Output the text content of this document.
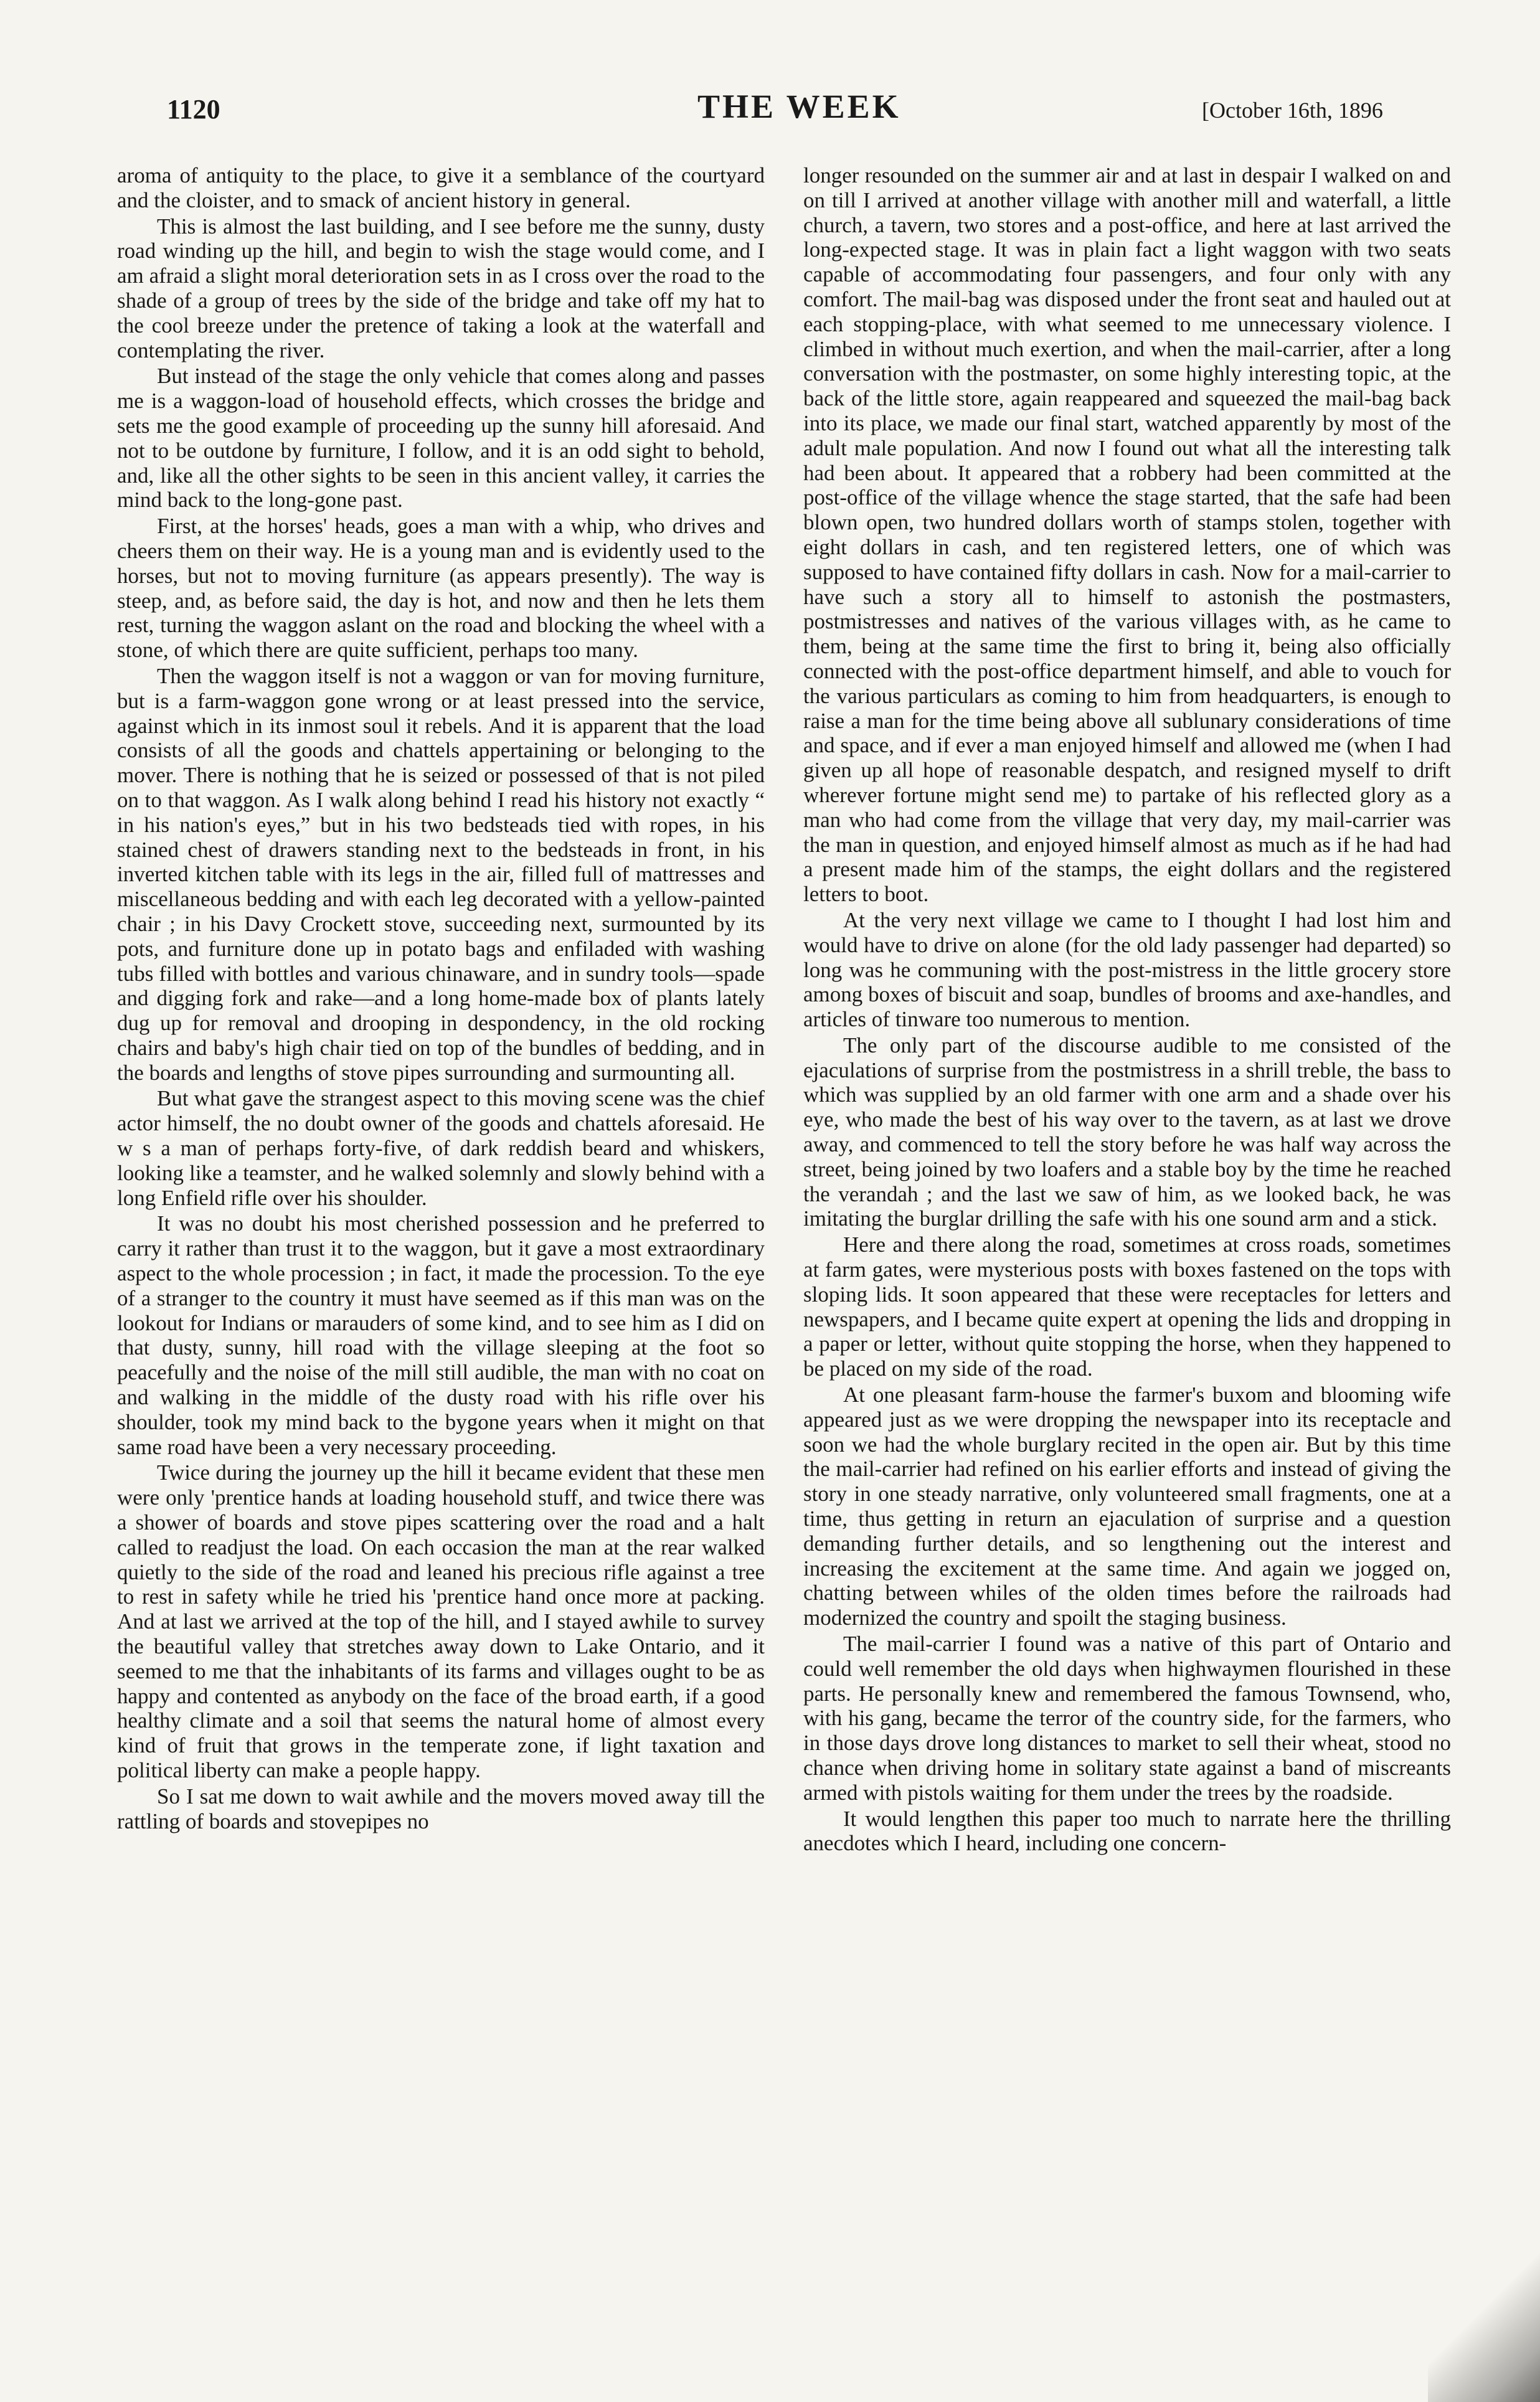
1120	THE WEEK	[October 16th, 1896

aroma of antiquity to the place, to give it a semblance of the courtyard and the cloister, and to smack of ancient history in general.

This is almost the last building, and I see before me the sunny, dusty road winding up the hill, and begin to wish the stage would come, and I am afraid a slight moral deterioration sets in as I cross over the road to the shade of a group of trees by the side of the bridge and take off my hat to the cool breeze under the pretence of taking a look at the waterfall and contemplating the river.

But instead of the stage the only vehicle that comes along and passes me is a waggon-load of household effects, which crosses the bridge and sets me the good example of proceeding up the sunny hill aforesaid. And not to be outdone by furniture, I follow, and it is an odd sight to behold, and, like all the other sights to be seen in this ancient valley, it carries the mind back to the long-gone past.

First, at the horses' heads, goes a man with a whip, who drives and cheers them on their way. He is a young man and is evidently used to the horses, but not to moving furniture (as appears presently). The way is steep, and, as before said, the day is hot, and now and then he lets them rest, turning the waggon aslant on the road and blocking the wheel with a stone, of which there are quite sufficient, perhaps too many.

Then the waggon itself is not a waggon or van for moving furniture, but is a farm-waggon gone wrong or at least pressed into the service, against which in its inmost soul it rebels. And it is apparent that the load consists of all the goods and chattels appertaining or belonging to the mover. There is nothing that he is seized or possessed of that is not piled on to that waggon. As I walk along behind I read his history not exactly “ in his nation's eyes,” but in his two bedsteads tied with ropes, in his stained chest of drawers standing next to the bedsteads in front, in his inverted kitchen table with its legs in the air, filled full of mattresses and miscellaneous bedding and with each leg decorated with a yellow-painted chair ; in his Davy Crockett stove, succeeding next, surmounted by its pots, and furniture done up in potato bags and enfiladed with washing tubs filled with bottles and various chinaware, and in sundry tools—spade and digging fork and rake—and a long home-made box of plants lately dug up for removal and drooping in despondency, in the old rocking chairs and baby's high chair tied on top of the bundles of bedding, and in the boards and lengths of stove pipes surrounding and surmounting all.

But what gave the strangest aspect to this moving scene was the chief actor himself, the no doubt owner of the goods and chattels aforesaid. He w s a man of perhaps forty-five, of dark reddish beard and whiskers, looking like a teamster, and he walked solemnly and slowly behind with a long Enfield rifle over his shoulder.

It was no doubt his most cherished possession and he preferred to carry it rather than trust it to the waggon, but it gave a most extraordinary aspect to the whole procession ; in fact, it made the procession. To the eye of a stranger to the country it must have seemed as if this man was on the lookout for Indians or marauders of some kind, and to see him as I did on that dusty, sunny, hill road with the village sleeping at the foot so peacefully and the noise of the mill still audible, the man with no coat on and walking in the middle of the dusty road with his rifle over his shoulder, took my mind back to the bygone years when it might on that same road have been a very necessary proceeding.

Twice during the journey up the hill it became evident that these men were only 'prentice hands at loading household stuff, and twice there was a shower of boards and stove pipes scattering over the road and a halt called to readjust the load. On each occasion the man at the rear walked quietly to the side of the road and leaned his precious rifle against a tree to rest in safety while he tried his 'prentice hand once more at packing. And at last we arrived at the top of the hill, and I stayed awhile to survey the beautiful valley that stretches away down to Lake Ontario, and it seemed to me that the inhabitants of its farms and villages ought to be as happy and contented as anybody on the face of the broad earth, if a good healthy climate and a soil that seems the natural home of almost every kind of fruit that grows in the temperate zone, if light taxation and political liberty can make a people happy.

So I sat me down to wait awhile and the movers moved away till the rattling of boards and stovepipes no

longer resounded on the summer air and at last in despair I walked on and on till I arrived at another village with another mill and waterfall, a little church, a tavern, two stores and a post-office, and here at last arrived the long-expected stage. It was in plain fact a light waggon with two seats capable of accommodating four passengers, and four only with any comfort. The mail-bag was disposed under the front seat and hauled out at each stopping-place, with what seemed to me unnecessary violence. I climbed in without much exertion, and when the mail-carrier, after a long conversation with the postmaster, on some highly interesting topic, at the back of the little store, again reappeared and squeezed the mail-bag back into its place, we made our final start, watched apparently by most of the adult male population. And now I found out what all the interesting talk had been about. It appeared that a robbery had been committed at the post-office of the village whence the stage started, that the safe had been blown open, two hundred dollars worth of stamps stolen, together with eight dollars in cash, and ten registered letters, one of which was supposed to have contained fifty dollars in cash. Now for a mail-carrier to have such a story all to himself to astonish the postmasters, postmistresses and natives of the various villages with, as he came to them, being at the same time the first to bring it, being also officially connected with the post-office department himself, and able to vouch for the various particulars as coming to him from headquarters, is enough to raise a man for the time being above all sublunary considerations of time and space, and if ever a man enjoyed himself and allowed me (when I had given up all hope of reasonable despatch, and resigned myself to drift wherever fortune might send me) to partake of his reflected glory as a man who had come from the village that very day, my mail-carrier was the man in question, and enjoyed himself almost as much as if he had had a present made him of the stamps, the eight dollars and the registered letters to boot.

At the very next village we came to I thought I had lost him and would have to drive on alone (for the old lady passenger had departed) so long was he communing with the post-mistress in the little grocery store among boxes of biscuit and soap, bundles of brooms and axe-handles, and articles of tinware too numerous to mention.

The only part of the discourse audible to me consisted of the ejaculations of surprise from the postmistress in a shrill treble, the bass to which was supplied by an old farmer with one arm and a shade over his eye, who made the best of his way over to the tavern, as at last we drove away, and commenced to tell the story before he was half way across the street, being joined by two loafers and a stable boy by the time he reached the verandah ; and the last we saw of him, as we looked back, he was imitating the burglar drilling the safe with his one sound arm and a stick.

Here and there along the road, sometimes at cross roads, sometimes at farm gates, were mysterious posts with boxes fastened on the tops with sloping lids. It soon appeared that these were receptacles for letters and newspapers, and I became quite expert at opening the lids and dropping in a paper or letter, without quite stopping the horse, when they happened to be placed on my side of the road.

At one pleasant farm-house the farmer's buxom and blooming wife appeared just as we were dropping the newspaper into its receptacle and soon we had the whole burglary recited in the open air. But by this time the mail-carrier had refined on his earlier efforts and instead of giving the story in one steady narrative, only volunteered small fragments, one at a time, thus getting in return an ejaculation of surprise and a question demanding further details, and so lengthening out the interest and increasing the excitement at the same time. And again we jogged on, chatting between whiles of the olden times before the railroads had modernized the country and spoilt the staging business.

The mail-carrier I found was a native of this part of Ontario and could well remember the old days when highwaymen flourished in these parts. He personally knew and remembered the famous Townsend, who, with his gang, became the terror of the country side, for the farmers, who in those days drove long distances to market to sell their wheat, stood no chance when driving home in solitary state against a band of miscreants armed with pistols waiting for them under the trees by the roadside.

It would lengthen this paper too much to narrate here the thrilling anecdotes which I heard, including one concern-
